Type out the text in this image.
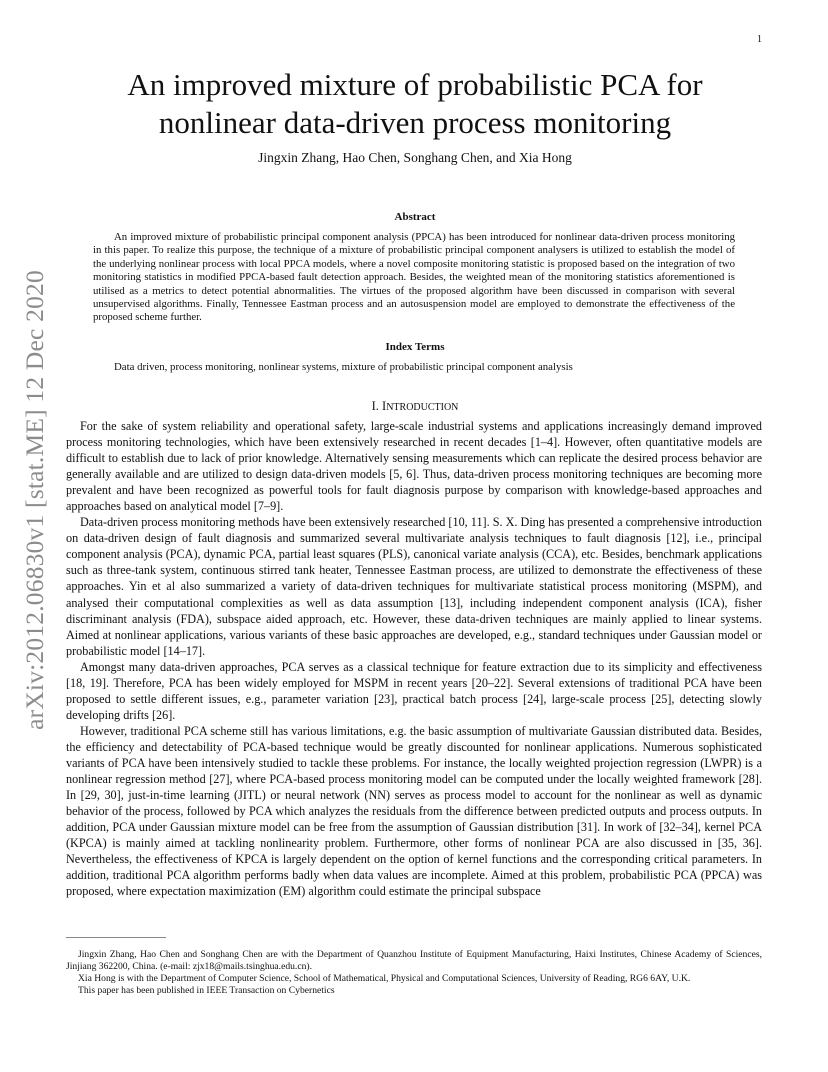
1
arXiv:2012.06830v1 [stat.ME] 12 Dec 2020
An improved mixture of probabilistic PCA for
nonlinear data-driven process monitoring
Jingxin Zhang, Hao Chen, Songhang Chen, and Xia Hong
Abstract

An improved mixture of probabilistic principal component analysis (PPCA) has been introduced for nonlinear data-driven process monitoring in this paper. To realize this purpose, the technique of a mixture of probabilistic principal component analysers is utilized to establish the model of the underlying nonlinear process with local PPCA models, where a novel composite monitoring statistic is proposed based on the integration of two monitoring statistics in modified PPCA-based fault detection approach. Besides, the weighted mean of the monitoring statistics aforementioned is utilised as a metrics to detect potential abnormalities. The virtues of the proposed algorithm have been discussed in comparison with several unsupervised algorithms. Finally, Tennessee Eastman process and an autosuspension model are employed to demonstrate the effectiveness of the proposed scheme further.

Index Terms

Data driven, process monitoring, nonlinear systems, mixture of probabilistic principal component analysis

I. INTRODUCTION

For the sake of system reliability and operational safety, large-scale industrial systems and applications increasingly demand improved process monitoring technologies, which have been extensively researched in recent decades [1–4]. However, often quantitative models are difficult to establish due to lack of prior knowledge. Alternatively sensing measurements which can replicate the desired process behavior are generally available and are utilized to design data-driven models [5, 6]. Thus, data-driven process monitoring techniques are becoming more prevalent and have been recognized as powerful tools for fault diagnosis purpose by comparison with knowledge-based approaches and approaches based on analytical model [7–9].

Data-driven process monitoring methods have been extensively researched [10, 11]. S. X. Ding has presented a comprehensive introduction on data-driven design of fault diagnosis and summarized several multivariate analysis techniques to fault diagnosis [12], i.e., principal component analysis (PCA), dynamic PCA, partial least squares (PLS), canonical variate analysis (CCA), etc. Besides, benchmark applications such as three-tank system, continuous stirred tank heater, Tennessee Eastman process, are utilized to demonstrate the effectiveness of these approaches. Yin et al also summarized a variety of data-driven techniques for multivariate statistical process monitoring (MSPM), and analysed their computational complexities as well as data assumption [13], including independent component analysis (ICA), fisher discriminant analysis (FDA), subspace aided approach, etc. However, these data-driven techniques are mainly applied to linear systems. Aimed at nonlinear applications, various variants of these basic approaches are developed, e.g., standard techniques under Gaussian model or probabilistic model [14–17].

Amongst many data-driven approaches, PCA serves as a classical technique for feature extraction due to its simplicity and effectiveness [18, 19]. Therefore, PCA has been widely employed for MSPM in recent years [20–22]. Several extensions of traditional PCA have been proposed to settle different issues, e.g., parameter variation [23], practical batch process [24], large-scale process [25], detecting slowly developing drifts [26].

However, traditional PCA scheme still has various limitations, e.g. the basic assumption of multivariate Gaussian distributed data. Besides, the efficiency and detectability of PCA-based technique would be greatly discounted for nonlinear applications. Numerous sophisticated variants of PCA have been intensively studied to tackle these problems. For instance, the locally weighted projection regression (LWPR) is a nonlinear regression method [27], where PCA-based process monitoring model can be computed under the locally weighted framework [28]. In [29, 30], just-in-time learning (JITL) or neural network (NN) serves as process model to account for the nonlinear as well as dynamic behavior of the process, followed by PCA which analyzes the residuals from the difference between predicted outputs and process outputs. In addition, PCA under Gaussian mixture model can be free from the assumption of Gaussian distribution [31]. In work of [32–34], kernel PCA (KPCA) is mainly aimed at tackling nonlinearity problem. Furthermore, other forms of nonlinear PCA are also discussed in [35, 36]. Nevertheless, the effectiveness of KPCA is largely dependent on the option of kernel functions and the corresponding critical parameters. In addition, traditional PCA algorithm performs badly when data values are incomplete. Aimed at this problem, probabilistic PCA (PPCA) was proposed, where expectation maximization (EM) algorithm could estimate the principal subspace

Jingxin Zhang, Hao Chen and Songhang Chen are with the Department of Quanzhou Institute of Equipment Manufacturing, Haixi Institutes, Chinese Academy of Sciences, Jinjiang 362200, China. (e-mail: zjx18@mails.tsinghua.edu.cn).

Xia Hong is with the Department of Computer Science, School of Mathematical, Physical and Computational Sciences, University of Reading, RG6 6AY, U.K.

This paper has been published in IEEE Transaction on Cybernetics
